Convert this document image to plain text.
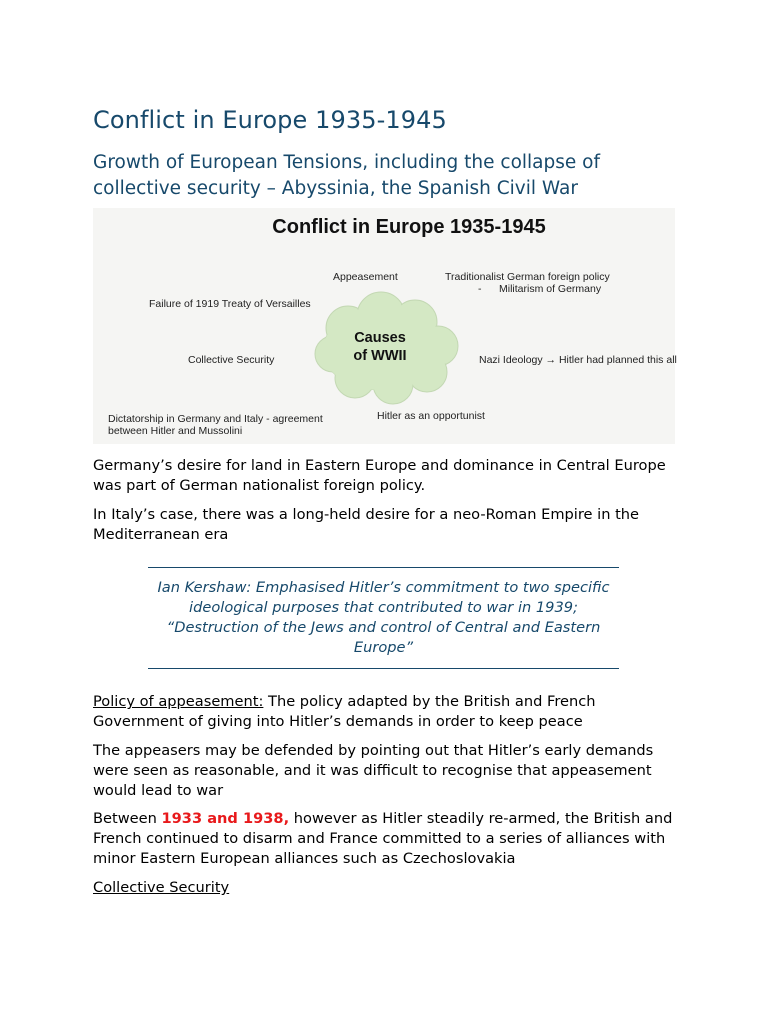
Conflict in Europe 1935-1945
Growth of European Tensions, including the collapse of collective security – Abyssinia, the Spanish Civil War
Conflict in Europe 1935-1945
Causes
of WWII
Appeasement	Traditionalist German foreign policy
-      Militarism of Germany
Failure of 1919 Treaty of Versailles
Collective Security	Nazi Ideology → Hitler had planned this all
Dictatorship in Germany and Italy - agreement
between Hitler and Mussolini
Hitler as an opportunist

Germany’s desire for land in Eastern Europe and dominance in Central Europe was part of German nationalist foreign policy.

In Italy’s case, there was a long-held desire for a neo-Roman Empire in the Mediterranean era

Ian Kershaw: Emphasised Hitler’s commitment to two specific ideological purposes that contributed to war in 1939; “Destruction of the Jews and control of Central and Eastern Europe”

Policy of appeasement: The policy adapted by the British and French Government of giving into Hitler’s demands in order to keep peace

The appeasers may be defended by pointing out that Hitler’s early demands were seen as reasonable, and it was difficult to recognise that appeasement would lead to war

Between 1933 and 1938, however as Hitler steadily re-armed, the British and French continued to disarm and France committed to a series of alliances with minor Eastern European alliances such as Czechoslovakia

Collective Security
